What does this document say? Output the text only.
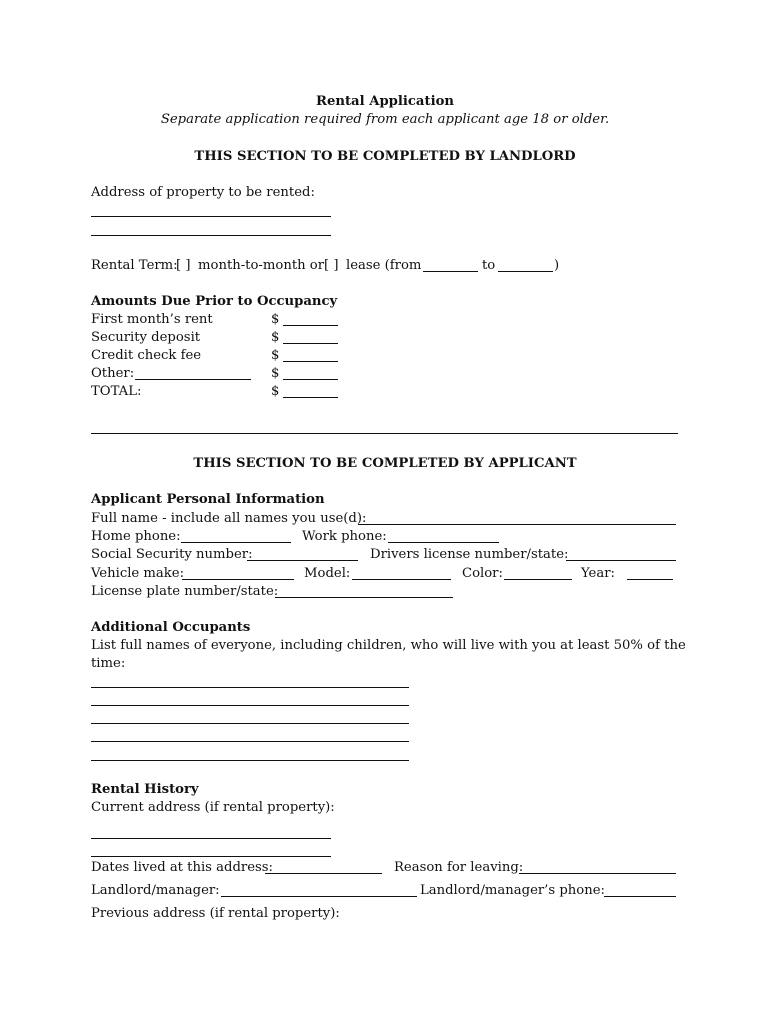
Rental Application
Separate application required from each applicant age 18 or older.
THIS SECTION TO BE COMPLETED BY LANDLORD
Address of property to be rented:
Rental Term:
[ ] month-to-month or [ ] lease (from	to	)
Amounts Due Prior to Occupancy
First month’s rent	$
Security deposit	$
Credit check fee	$
Other:	$
TOTAL:	$
THIS SECTION TO BE COMPLETED BY APPLICANT
Applicant Personal Information
Full name - include all names you use(d):
Home phone:	Work phone:
Social Security number:	Drivers license number/state:
Vehicle make:	Model:	Color:	Year:
License plate number/state:
Additional Occupants
List full names of everyone, including children, who will live with you at least 50% of the
time:
Rental History
Current address (if rental property):
Dates lived at this address:	Reason for leaving:
Landlord/manager:	Landlord/manager’s phone:
Previous address (if rental property):
